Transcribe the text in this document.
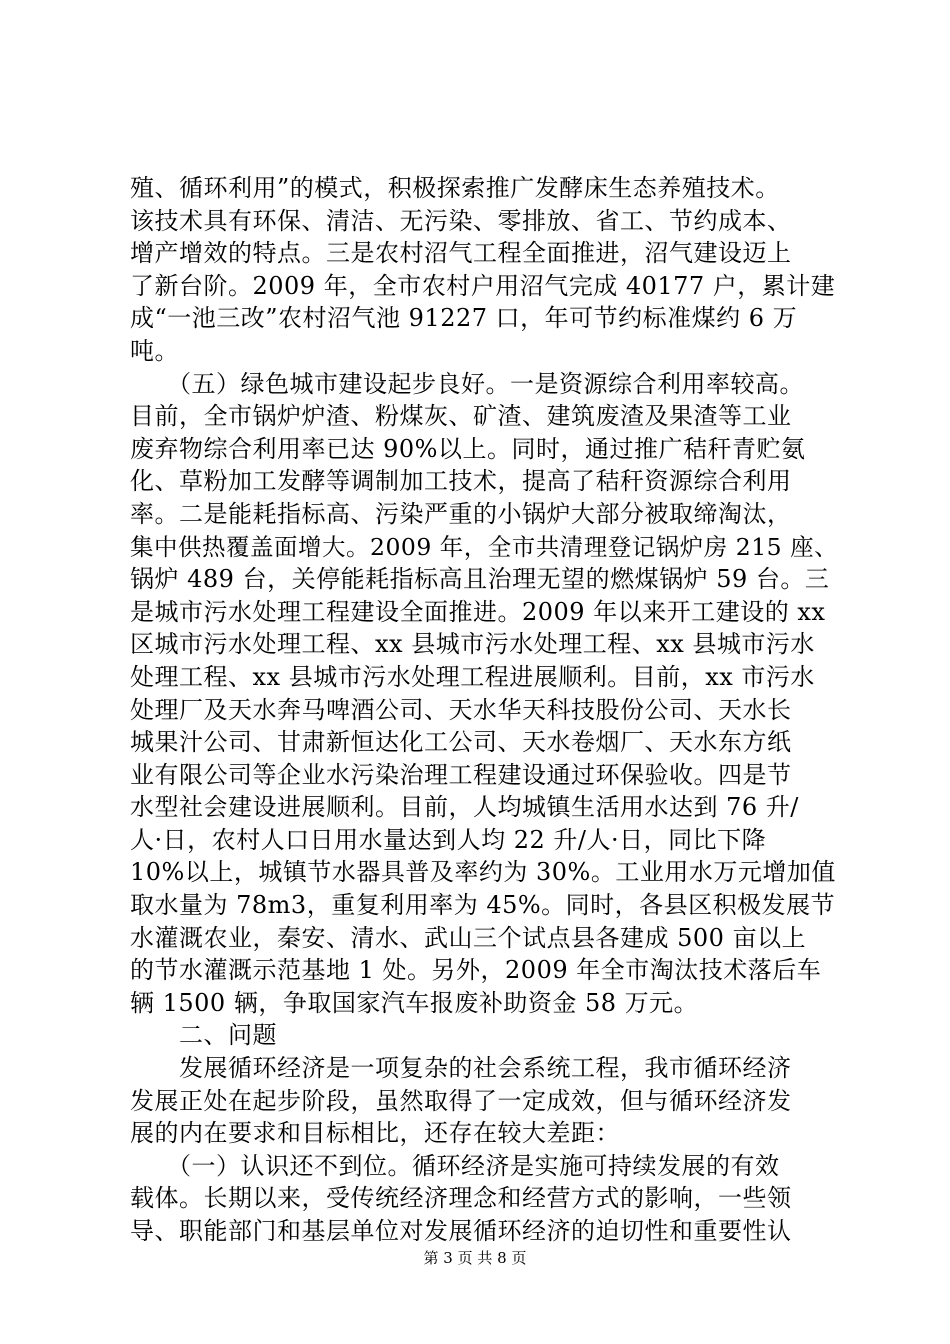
殖、循环利用”的模式，积极探索推广发酵床生态养殖技术。
该技术具有环保、清洁、无污染、零排放、省工、节约成本、
增产增效的特点。三是农村沼气工程全面推进，沼气建设迈上
了新台阶。2009 年，全市农村户用沼气完成 40177 户，累计建
成“一池三改”农村沼气池 91227 口，年可节约标准煤约 6 万
吨。
　　（五）绿色城市建设起步良好。一是资源综合利用率较高。
目前，全市锅炉炉渣、粉煤灰、矿渣、建筑废渣及果渣等工业
废弃物综合利用率已达 90%以上。同时，通过推广秸秆青贮氨
化、草粉加工发酵等调制加工技术，提高了秸秆资源综合利用
率。二是能耗指标高、污染严重的小锅炉大部分被取缔淘汰，
集中供热覆盖面增大。2009 年，全市共清理登记锅炉房 215 座、
锅炉 489 台，关停能耗指标高且治理无望的燃煤锅炉 59 台。三
是城市污水处理工程建设全面推进。2009 年以来开工建设的 xx
区城市污水处理工程、xx 县城市污水处理工程、xx 县城市污水
处理工程、xx 县城市污水处理工程进展顺利。目前，xx 市污水
处理厂及天水奔马啤酒公司、天水华天科技股份公司、天水长
城果汁公司、甘肃新恒达化工公司、天水卷烟厂、天水东方纸
业有限公司等企业水污染治理工程建设通过环保验收。四是节
水型社会建设进展顺利。目前，人均城镇生活用水达到 76 升/
人·日，农村人口日用水量达到人均 22 升/人·日，同比下降
10%以上，城镇节水器具普及率约为 30%。工业用水万元增加值
取水量为 78m3，重复利用率为 45%。同时，各县区积极发展节
水灌溉农业，秦安、清水、武山三个试点县各建成 500 亩以上
的节水灌溉示范基地 1 处。另外，2009 年全市淘汰技术落后车
辆 1500 辆，争取国家汽车报废补助资金 58 万元。
　　二、问题
　　发展循环经济是一项复杂的社会系统工程，我市循环经济
发展正处在起步阶段，虽然取得了一定成效，但与循环经济发
展的内在要求和目标相比，还存在较大差距：
　　（一）认识还不到位。循环经济是实施可持续发展的有效
载体。长期以来，受传统经济理念和经营方式的影响，一些领
导、职能部门和基层单位对发展循环经济的迫切性和重要性认
第 3 页 共 8 页
